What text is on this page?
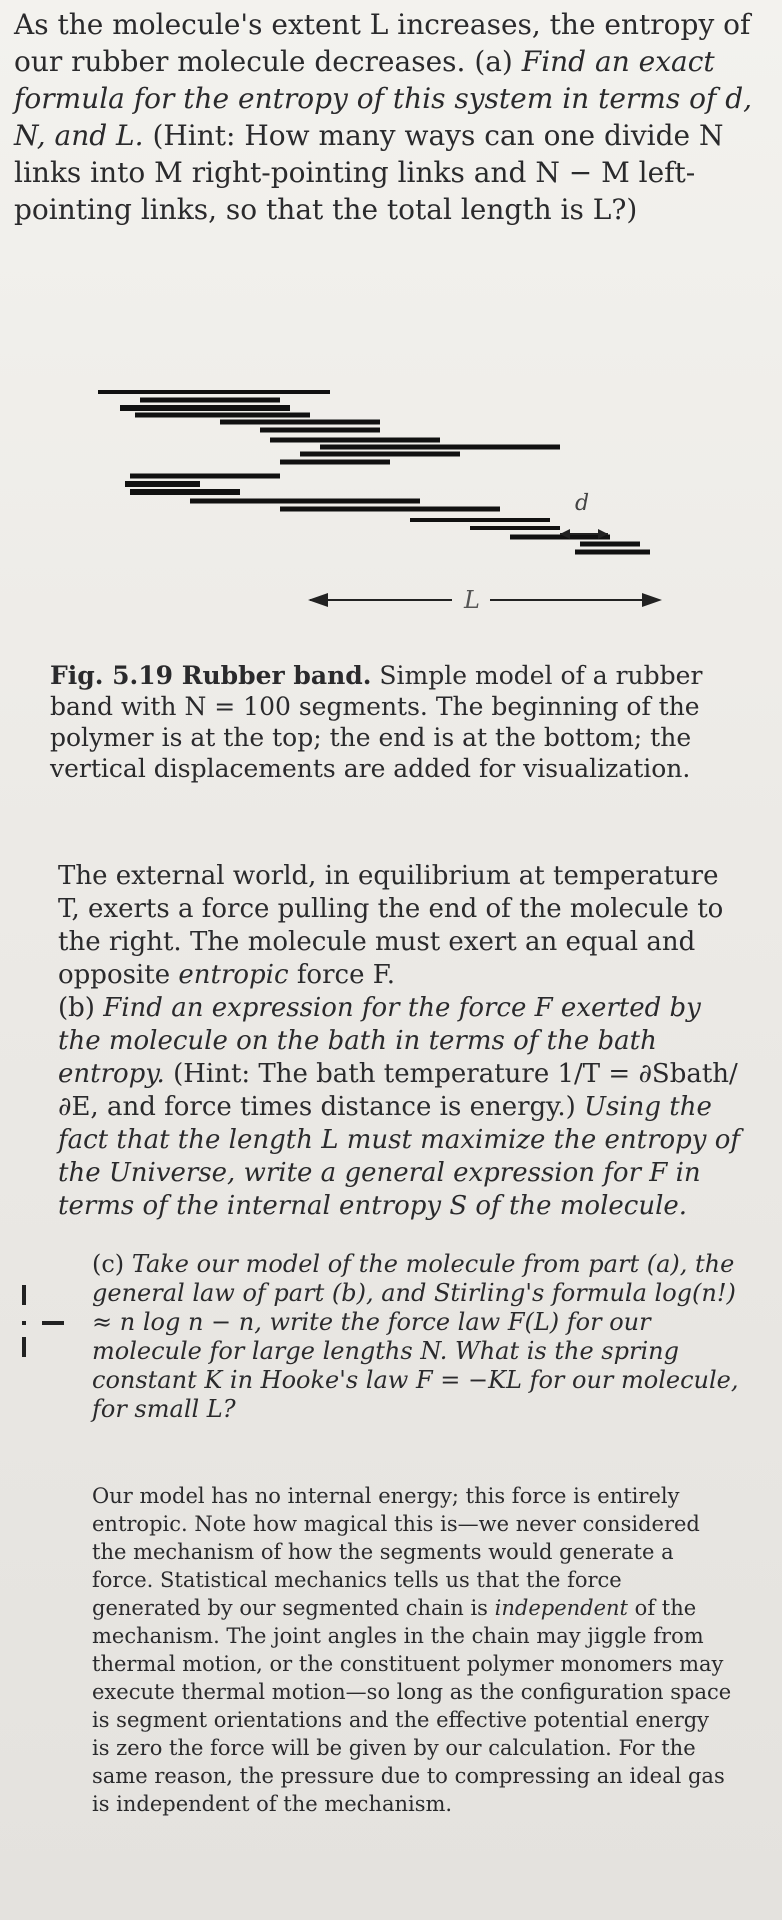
As the molecule's extent L increases, the entropy of our rubber molecule decreases. (a) Find an exact formula for the entropy of this system in terms of d, N, and L. (Hint: How many ways can one divide N links into M right-pointing links and N − M left-pointing links, so that the total length is L?)

d
L

Fig. 5.19 Rubber band. Simple model of a rubber band with N = 100 segments. The beginning of the polymer is at the top; the end is at the bottom; the vertical displacements are added for visualization.

The external world, in equilibrium at temperature T, exerts a force pulling the end of the molecule to the right. The molecule must exert an equal and opposite entropic force F.
(b) Find an expression for the force F exerted by the molecule on the bath in terms of the bath entropy. (Hint: The bath temperature 1/T = ∂Sbath/∂E, and force times distance is energy.) Using the fact that the length L must maximize the entropy of the Universe, write a general expression for F in terms of the internal entropy S of the molecule.

(c) Take our model of the molecule from part (a), the general law of part (b), and Stirling's formula log(n!) ≈ n log n − n, write the force law F(L) for our molecule for large lengths N. What is the spring constant K in Hooke's law F = −KL for our molecule, for small L?

Our model has no internal energy; this force is entirely entropic. Note how magical this is—we never considered the mechanism of how the segments would generate a force. Statistical mechanics tells us that the force generated by our segmented chain is independent of the mechanism. The joint angles in the chain may jiggle from thermal motion, or the constituent polymer monomers may execute thermal motion—so long as the configuration space is segment orientations and the effective potential energy is zero the force will be given by our calculation. For the same reason, the pressure due to compressing an ideal gas is independent of the mechanism.
